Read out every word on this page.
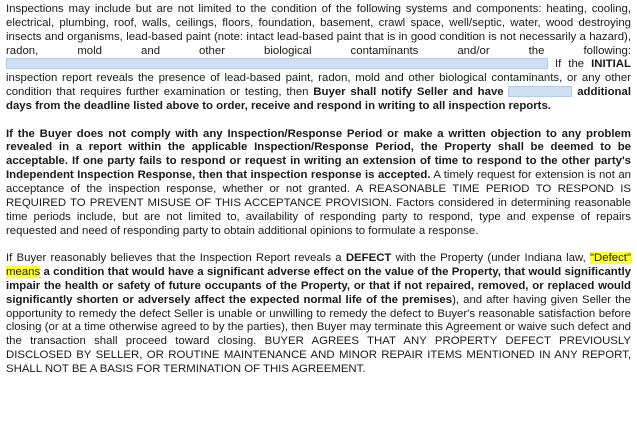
Inspections may include but are not limited to the condition of the following systems and components: heating, cooling, electrical, plumbing, roof, walls, ceilings, floors, foundation, basement, crawl space, well/septic, water, wood destroying insects and organisms, lead-based paint (note: intact lead-based paint that is in good condition is not necessarily a hazard), radon, mold and other biological contaminants and/or the following:  If the INITIAL inspection report reveals the presence of lead-based paint, radon, mold and other biological contaminants, or any other condition that requires further examination or testing, then Buyer shall notify Seller and have	additional days from the deadline listed above to order, receive and respond in writing to all inspection reports.

If the Buyer does not comply with any Inspection/Response Period or make a written objection to any problem revealed in a report within the applicable Inspection/Response Period, the Property shall be deemed to be acceptable. If one party fails to respond or request in writing an extension of time to respond to the other party's Independent Inspection Response, then that inspection response is accepted. A timely request for extension is not an acceptance of the inspection response, whether or not granted. A REASONABLE TIME PERIOD TO RESPOND IS REQUIRED TO PREVENT MISUSE OF THIS ACCEPTANCE PROVISION. Factors considered in determining reasonable time periods include, but are not limited to, availability of responding party to respond, type and expense of repairs requested and need of responding party to obtain additional opinions to formulate a response.

If Buyer reasonably believes that the Inspection Report reveals a DEFECT with the Property (under Indiana law, "Defect" means a condition that would have a significant adverse effect on the value of the Property, that would significantly impair the health or safety of future occupants of the Property, or that if not repaired, removed, or replaced would significantly shorten or adversely affect the expected normal life of the premises), and after having given Seller the opportunity to remedy the defect Seller is unable or unwilling to remedy the defect to Buyer's reasonable satisfaction before closing (or at a time otherwise agreed to by the parties), then Buyer may terminate this Agreement or waive such defect and the transaction shall proceed toward closing. BUYER AGREES THAT ANY PROPERTY DEFECT PREVIOUSLY DISCLOSED BY SELLER, OR ROUTINE MAINTENANCE AND MINOR REPAIR ITEMS MENTIONED IN ANY REPORT, SHALL NOT BE A BASIS FOR TERMINATION OF THIS AGREEMENT.
